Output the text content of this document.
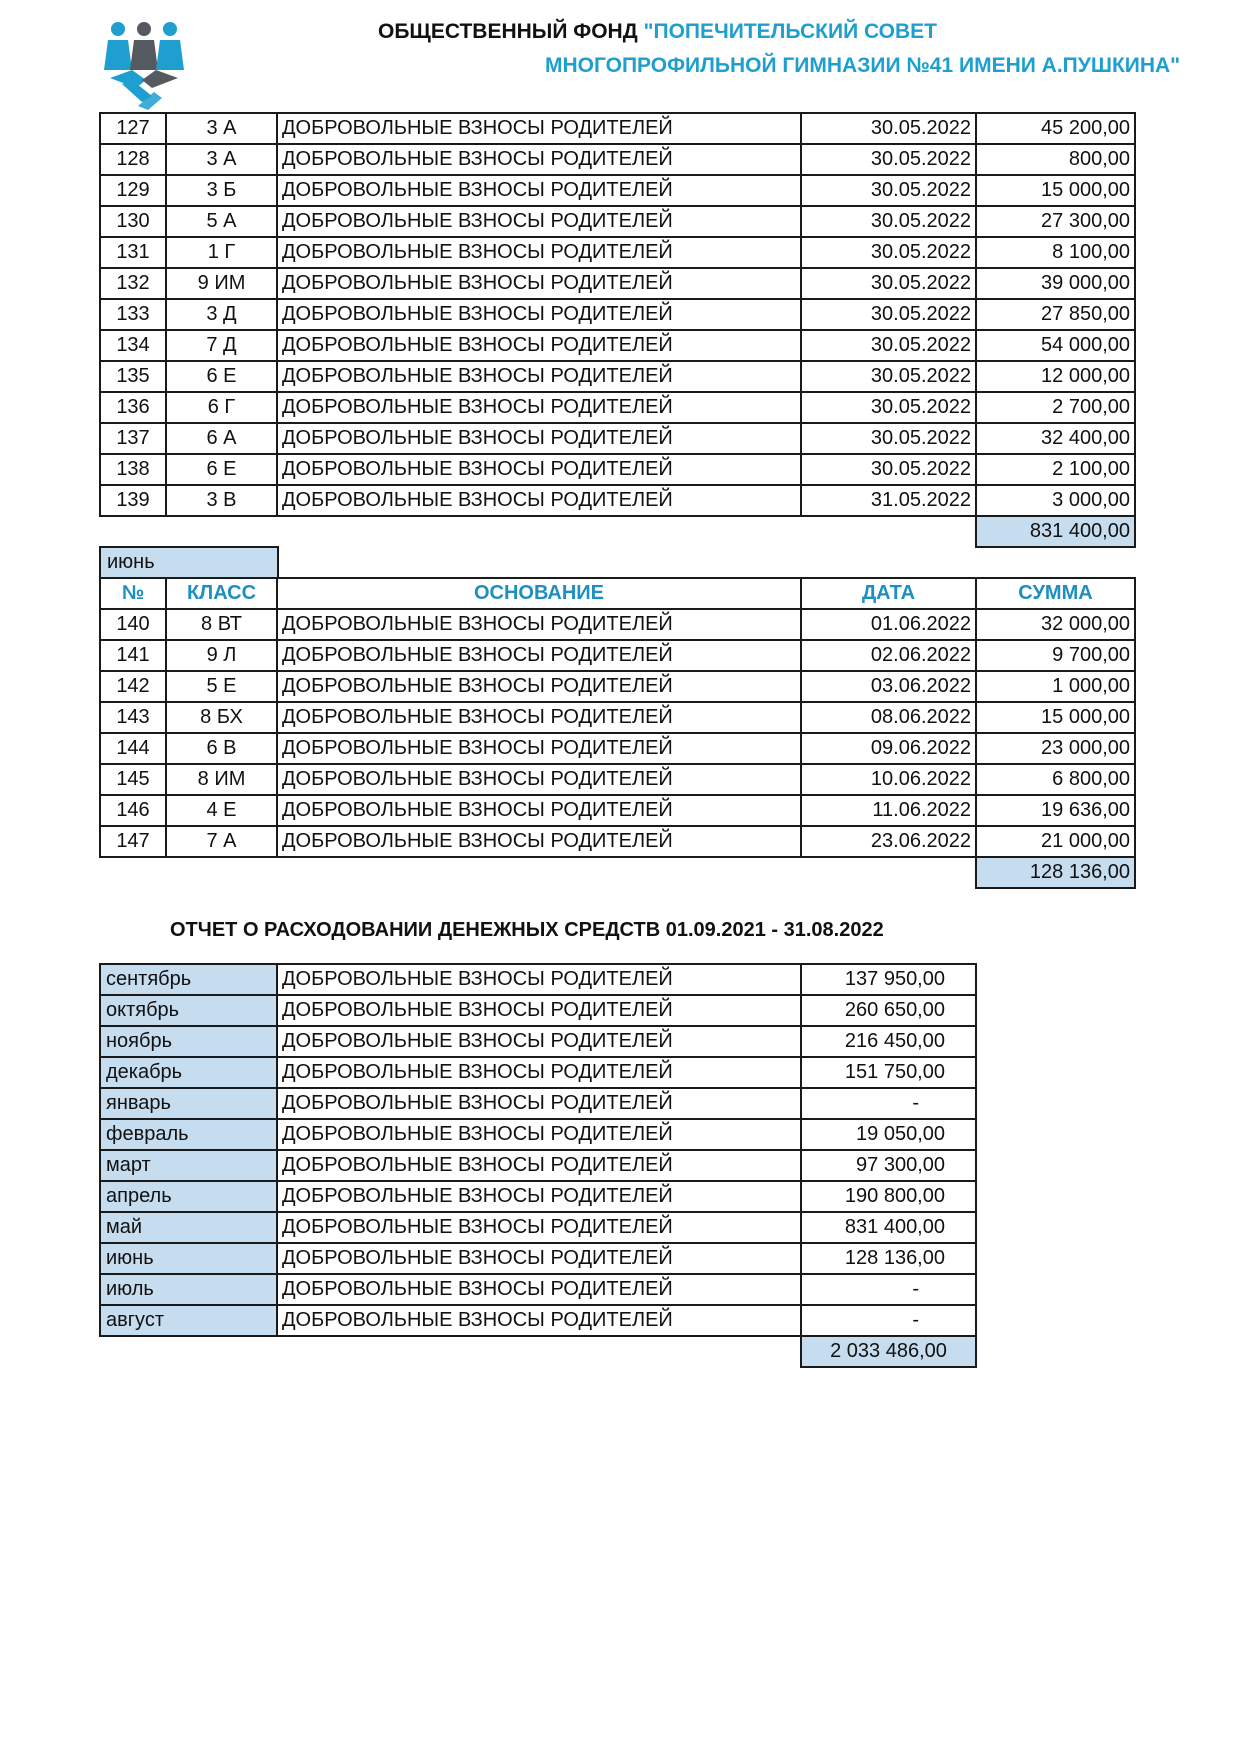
ОБЩЕСТВЕННЫЙ ФОНД "ПОПЕЧИТЕЛЬСКИЙ СОВЕТ
МНОГОПРОФИЛЬНОЙ ГИМНАЗИИ №41 ИМЕНИ А.ПУШКИНА"
127	3 А	ДОБРОВОЛЬНЫЕ ВЗНОСЫ РОДИТЕЛЕЙ	30.05.2022	45 200,00
128	3 А	ДОБРОВОЛЬНЫЕ ВЗНОСЫ РОДИТЕЛЕЙ	30.05.2022	800,00
129	3 Б	ДОБРОВОЛЬНЫЕ ВЗНОСЫ РОДИТЕЛЕЙ	30.05.2022	15 000,00
130	5 А	ДОБРОВОЛЬНЫЕ ВЗНОСЫ РОДИТЕЛЕЙ	30.05.2022	27 300,00
131	1 Г	ДОБРОВОЛЬНЫЕ ВЗНОСЫ РОДИТЕЛЕЙ	30.05.2022	8 100,00
132	9 ИМ	ДОБРОВОЛЬНЫЕ ВЗНОСЫ РОДИТЕЛЕЙ	30.05.2022	39 000,00
133	3 Д	ДОБРОВОЛЬНЫЕ ВЗНОСЫ РОДИТЕЛЕЙ	30.05.2022	27 850,00
134	7 Д	ДОБРОВОЛЬНЫЕ ВЗНОСЫ РОДИТЕЛЕЙ	30.05.2022	54 000,00
135	6 Е	ДОБРОВОЛЬНЫЕ ВЗНОСЫ РОДИТЕЛЕЙ	30.05.2022	12 000,00
136	6 Г	ДОБРОВОЛЬНЫЕ ВЗНОСЫ РОДИТЕЛЕЙ	30.05.2022	2 700,00
137	6 А	ДОБРОВОЛЬНЫЕ ВЗНОСЫ РОДИТЕЛЕЙ	30.05.2022	32 400,00
138	6 Е	ДОБРОВОЛЬНЫЕ ВЗНОСЫ РОДИТЕЛЕЙ	30.05.2022	2 100,00
139	3 В	ДОБРОВОЛЬНЫЕ ВЗНОСЫ РОДИТЕЛЕЙ	31.05.2022	3 000,00
				831 400,00
июнь
№	КЛАСС	ОСНОВАНИЕ	ДАТА	СУММА
140	8 ВТ	ДОБРОВОЛЬНЫЕ ВЗНОСЫ РОДИТЕЛЕЙ	01.06.2022	32 000,00
141	9 Л	ДОБРОВОЛЬНЫЕ ВЗНОСЫ РОДИТЕЛЕЙ	02.06.2022	9 700,00
142	5 Е	ДОБРОВОЛЬНЫЕ ВЗНОСЫ РОДИТЕЛЕЙ	03.06.2022	1 000,00
143	8 БХ	ДОБРОВОЛЬНЫЕ ВЗНОСЫ РОДИТЕЛЕЙ	08.06.2022	15 000,00
144	6 В	ДОБРОВОЛЬНЫЕ ВЗНОСЫ РОДИТЕЛЕЙ	09.06.2022	23 000,00
145	8 ИМ	ДОБРОВОЛЬНЫЕ ВЗНОСЫ РОДИТЕЛЕЙ	10.06.2022	6 800,00
146	4 Е	ДОБРОВОЛЬНЫЕ ВЗНОСЫ РОДИТЕЛЕЙ	11.06.2022	19 636,00
147	7 А	ДОБРОВОЛЬНЫЕ ВЗНОСЫ РОДИТЕЛЕЙ	23.06.2022	21 000,00
				128 136,00
ОТЧЕТ О РАСХОДОВАНИИ ДЕНЕЖНЫХ СРЕДСТВ 01.09.2021 - 31.08.2022
сентябрь	ДОБРОВОЛЬНЫЕ ВЗНОСЫ РОДИТЕЛЕЙ	137 950,00
октябрь	ДОБРОВОЛЬНЫЕ ВЗНОСЫ РОДИТЕЛЕЙ	260 650,00
ноябрь	ДОБРОВОЛЬНЫЕ ВЗНОСЫ РОДИТЕЛЕЙ	216 450,00
декабрь	ДОБРОВОЛЬНЫЕ ВЗНОСЫ РОДИТЕЛЕЙ	151 750,00
январь	ДОБРОВОЛЬНЫЕ ВЗНОСЫ РОДИТЕЛЕЙ	-
февраль	ДОБРОВОЛЬНЫЕ ВЗНОСЫ РОДИТЕЛЕЙ	19 050,00
март	ДОБРОВОЛЬНЫЕ ВЗНОСЫ РОДИТЕЛЕЙ	97 300,00
апрель	ДОБРОВОЛЬНЫЕ ВЗНОСЫ РОДИТЕЛЕЙ	190 800,00
май	ДОБРОВОЛЬНЫЕ ВЗНОСЫ РОДИТЕЛЕЙ	831 400,00
июнь	ДОБРОВОЛЬНЫЕ ВЗНОСЫ РОДИТЕЛЕЙ	128 136,00
июль	ДОБРОВОЛЬНЫЕ ВЗНОСЫ РОДИТЕЛЕЙ	-
август	ДОБРОВОЛЬНЫЕ ВЗНОСЫ РОДИТЕЛЕЙ	-
		2 033 486,00
